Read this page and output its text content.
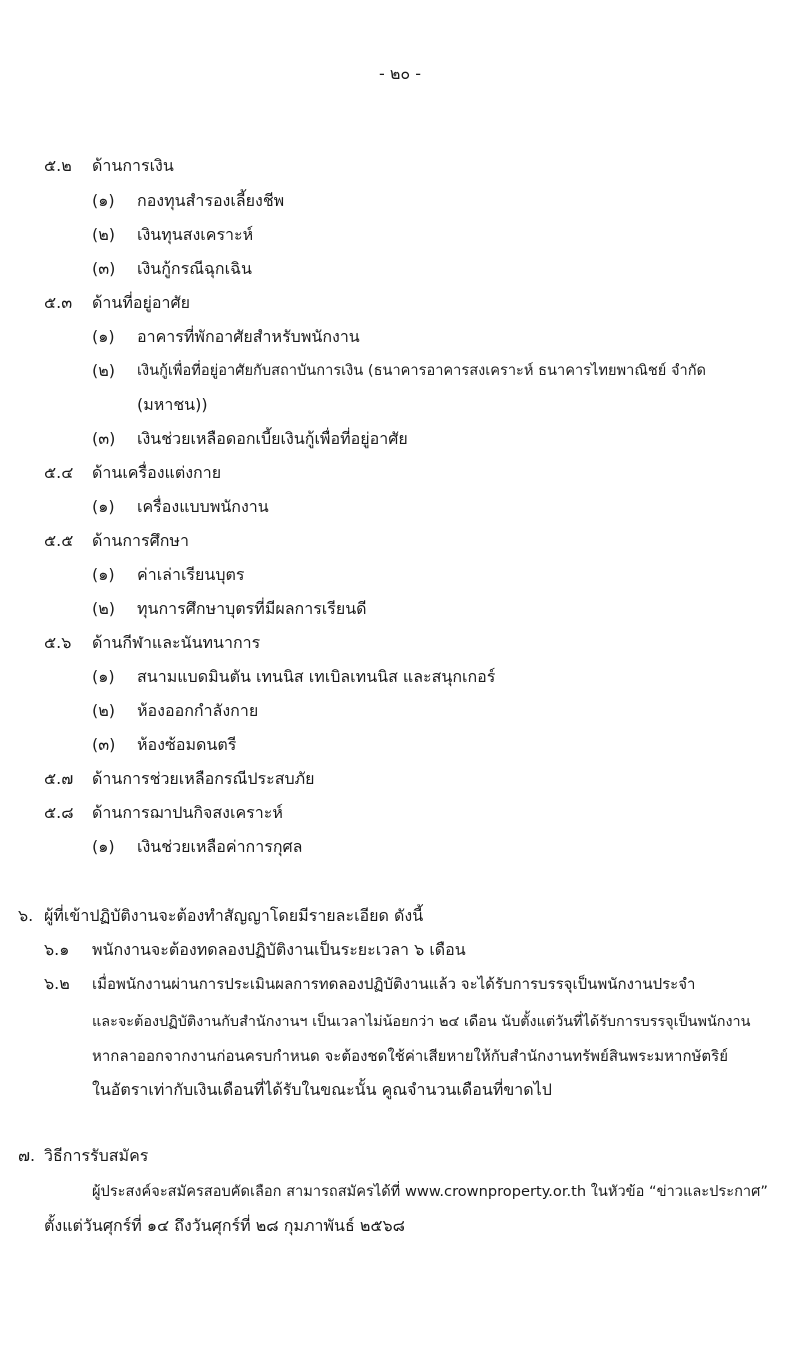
- ๒๐ -
๕.๒ ด้านการเงิน
(๑) กองทุนสำรองเลี้ยงชีพ
(๒) เงินทุนสงเคราะห์
(๓) เงินกู้กรณีฉุกเฉิน
๕.๓ ด้านที่อยู่อาศัย
(๑) อาคารที่พักอาศัยสำหรับพนักงาน
(๒) เงินกู้เพื่อที่อยู่อาศัยกับสถาบันการเงิน (ธนาคารอาคารสงเคราะห์ ธนาคารไทยพาณิชย์ จำกัด
(มหาชน))
(๓) เงินช่วยเหลือดอกเบี้ยเงินกู้เพื่อที่อยู่อาศัย
๕.๔ ด้านเครื่องแต่งกาย
(๑) เครื่องแบบพนักงาน
๕.๕ ด้านการศึกษา
(๑) ค่าเล่าเรียนบุตร
(๒) ทุนการศึกษาบุตรที่มีผลการเรียนดี
๕.๖ ด้านกีฬาและนันทนาการ
(๑) สนามแบดมินตัน เทนนิส เทเบิลเทนนิส และสนุกเกอร์
(๒) ห้องออกกำลังกาย
(๓) ห้องซ้อมดนตรี
๕.๗ ด้านการช่วยเหลือกรณีประสบภัย
๕.๘ ด้านการฌาปนกิจสงเคราะห์
(๑) เงินช่วยเหลือค่าการกุศล
๖. ผู้ที่เข้าปฏิบัติงานจะต้องทำสัญญาโดยมีรายละเอียด ดังนี้
๖.๑ พนักงานจะต้องทดลองปฏิบัติงานเป็นระยะเวลา ๖ เดือน
๖.๒ เมื่อพนักงานผ่านการประเมินผลการทดลองปฏิบัติงานแล้ว จะได้รับการบรรจุเป็นพนักงานประจำ
และจะต้องปฏิบัติงานกับสำนักงานฯ เป็นเวลาไม่น้อยกว่า ๒๔ เดือน นับตั้งแต่วันที่ได้รับการบรรจุเป็นพนักงาน
หากลาออกจากงานก่อนครบกำหนด จะต้องชดใช้ค่าเสียหายให้กับสำนักงานทรัพย์สินพระมหากษัตริย์
ในอัตราเท่ากับเงินเดือนที่ได้รับในขณะนั้น คูณจำนวนเดือนที่ขาดไป
๗. วิธีการรับสมัคร
ผู้ประสงค์จะสมัครสอบคัดเลือก สามารถสมัครได้ที่ www.crownproperty.or.th ในหัวข้อ “ข่าวและประกาศ”
ตั้งแต่วันศุกร์ที่ ๑๔ ถึงวันศุกร์ที่ ๒๘ กุมภาพันธ์ ๒๕๖๘
